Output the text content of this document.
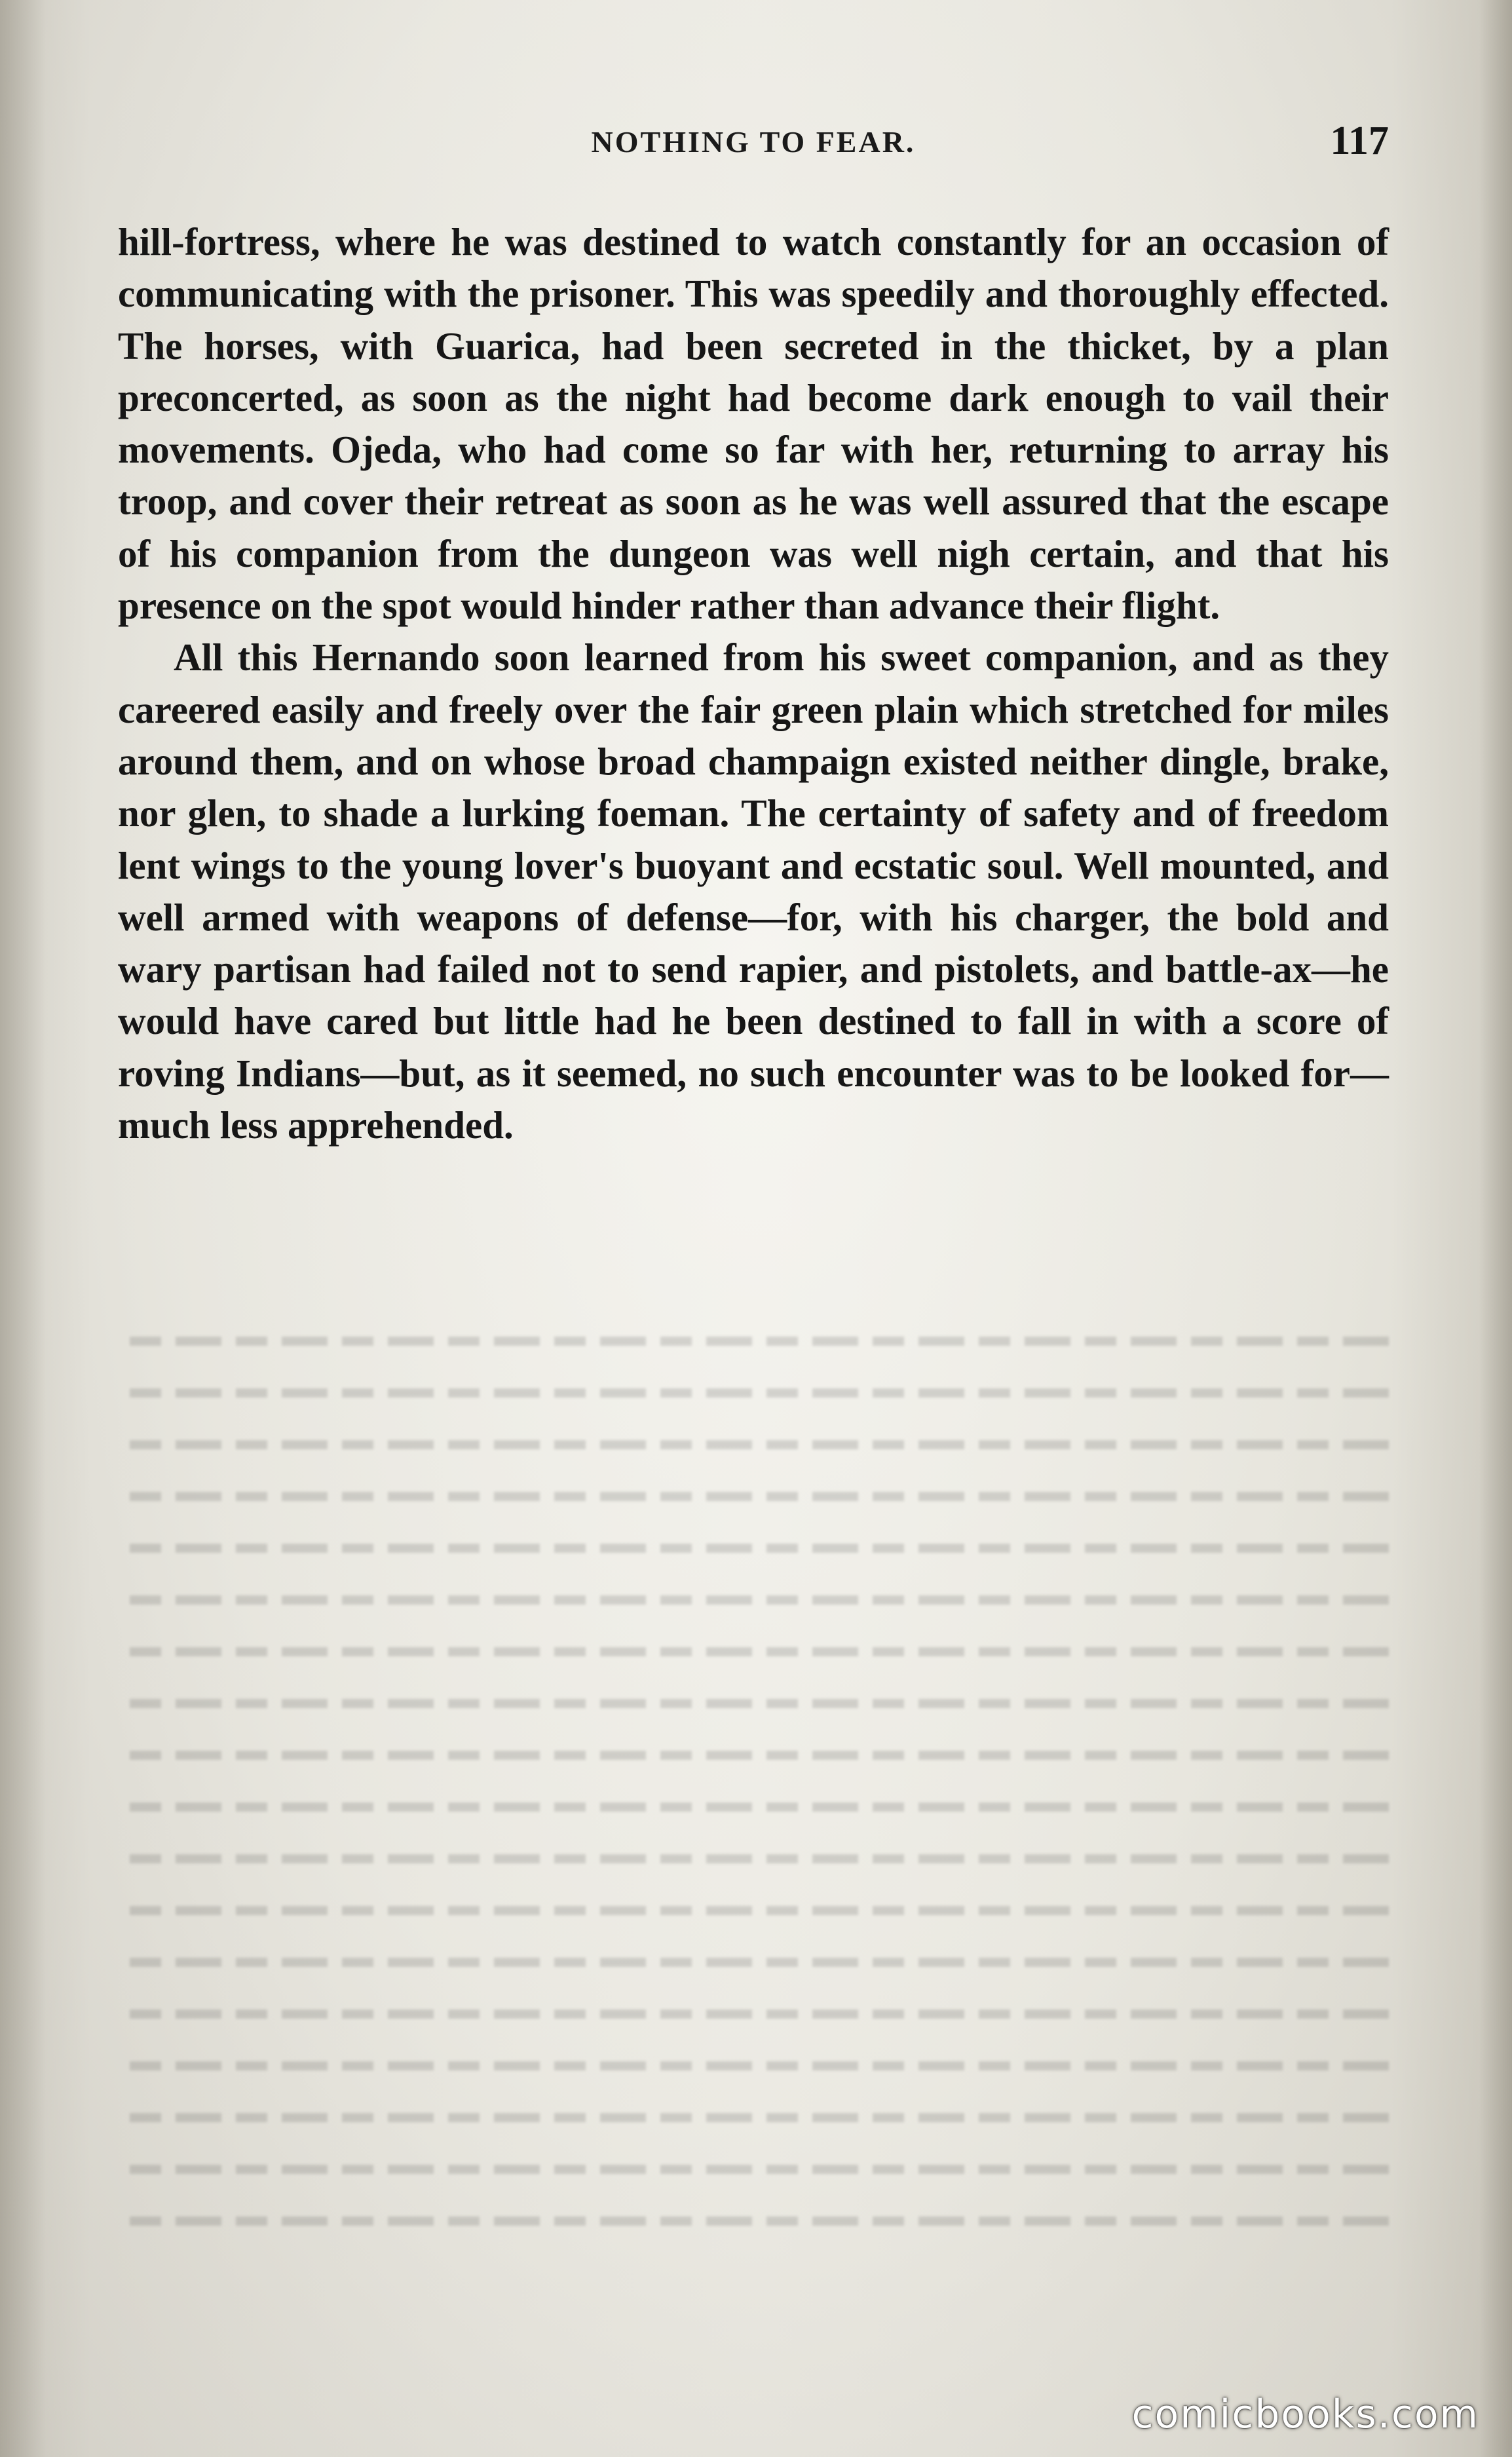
NOTHING TO FEAR.	117

hill-fortress, where he was destined to watch constantly for an occasion of communicating with the prisoner. This was speedily and thoroughly effected. The horses, with Guarica, had been secreted in the thicket, by a plan preconcerted, as soon as the night had become dark enough to vail their movements. Ojeda, who had come so far with her, returning to array his troop, and cover their retreat as soon as he was well assured that the escape of his companion from the dungeon was well nigh certain, and that his presence on the spot would hinder rather than advance their flight.

All this Hernando soon learned from his sweet companion, and as they careered easily and freely over the fair green plain which stretched for miles around them, and on whose broad champaign existed neither dingle, brake, nor glen, to shade a lurking foeman. The certainty of safety and of freedom lent wings to the young lover's buoyant and ecstatic soul. Well mounted, and well armed with weapons of defense—for, with his charger, the bold and wary partisan had failed not to send rapier, and pistolets, and battle-ax—he would have cared but little had he been destined to fall in with a score of roving Indians—but, as it seemed, no such encounter was to be looked for—much less apprehended.

comicbooks.com
